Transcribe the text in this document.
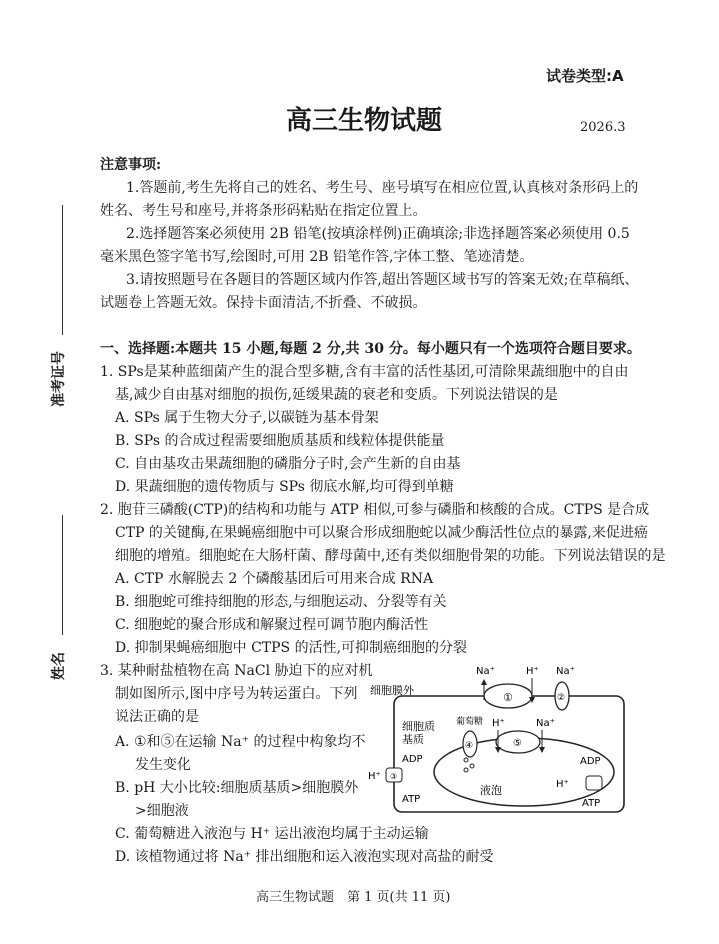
试卷类型:A
高三生物试题	2026.3
准考证号
姓名
注意事项:
1.答题前,考生先将自己的姓名、考生号、座号填写在相应位置,认真核对条形码上的
姓名、考生号和座号,并将条形码粘贴在指定位置上。
2.选择题答案必须使用 2B 铅笔(按填涂样例)正确填涂;非选择题答案必须使用 0.5
毫米黑色签字笔书写,绘图时,可用 2B 铅笔作答,字体工整、笔迹清楚。
3.请按照题号在各题目的答题区域内作答,超出答题区域书写的答案无效;在草稿纸、
试题卷上答题无效。保持卡面清洁,不折叠、不破损。
一、选择题:本题共 15 小题,每题 2 分,共 30 分。每小题只有一个选项符合题目要求。
1. SPs是某种蓝细菌产生的混合型多糖,含有丰富的活性基团,可清除果蔬细胞中的自由
基,减少自由基对细胞的损伤,延缓果蔬的衰老和变质。下列说法错误的是
A. SPs 属于生物大分子,以碳链为基本骨架
B. SPs 的合成过程需要细胞质基质和线粒体提供能量
C. 自由基攻击果蔬细胞的磷脂分子时,会产生新的自由基
D. 果蔬细胞的遗传物质与 SPs 彻底水解,均可得到单糖
2. 胞苷三磷酸(CTP)的结构和功能与 ATP 相似,可参与磷脂和核酸的合成。CTPS 是合成
CTP 的关键酶,在果蝇癌细胞中可以聚合形成细胞蛇以减少酶活性位点的暴露,来促进癌
细胞的增殖。细胞蛇在大肠杆菌、酵母菌中,还有类似细胞骨架的功能。下列说法错误的是
A. CTP 水解脱去 2 个磷酸基团后可用来合成 RNA
B. 细胞蛇可维持细胞的形态,与细胞运动、分裂等有关
C. 细胞蛇的聚合形成和解聚过程可调节胞内酶活性
D. 抑制果蝇癌细胞中 CTPS 的活性,可抑制癌细胞的分裂
3. 某种耐盐植物在高 NaCl 胁迫下的应对机
制如图所示,图中序号为转运蛋白。下列
说法正确的是
A. ①和⑤在运输 Na⁺ 的过程中构象均不
发生变化
B. pH 大小比较:细胞质基质>细胞膜外
>细胞液
C. 葡萄糖进入液泡与 H⁺ 运出液泡均属于主动运输
D. 该植物通过将 Na⁺ 排出细胞和运入液泡实现对高盐的耐受
细胞膜外
细胞质
基质
①
Na⁺	H⁺
②
Na⁺
液泡
葡萄糖
④	⑤
H⁺	Na⁺
③
H⁺
ADP
ATP
H⁺
ADP
ATP
高三生物试题　第 1 页(共 11 页)
